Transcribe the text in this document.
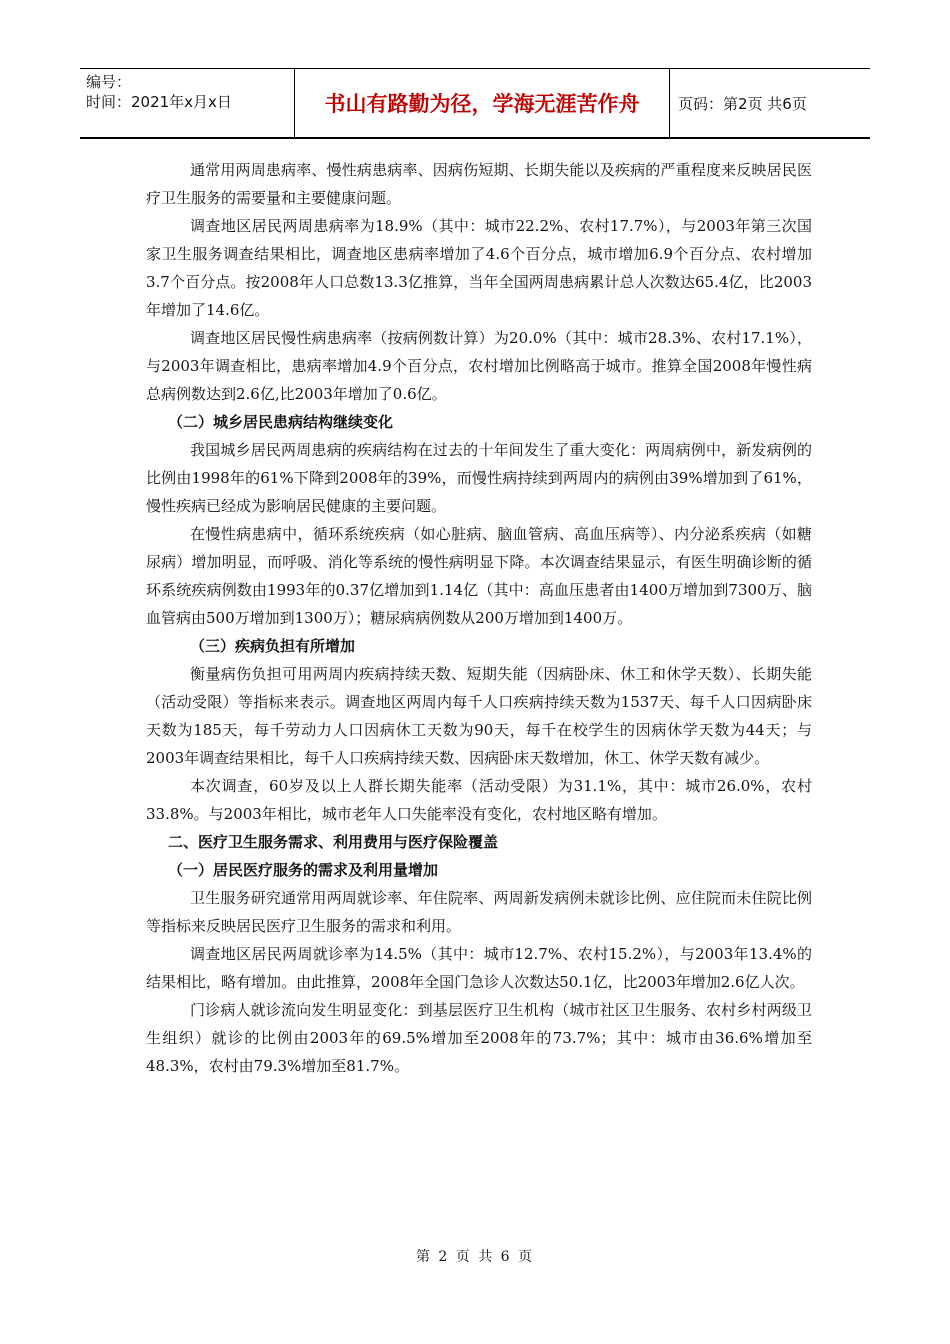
编号：
时间：2021年x月x日	书山有路勤为径，学海无涯苦作舟	页码：第2页 共6页

通常用两周患病率、慢性病患病率、因病伤短期、长期失能以及疾病的严重程度来反映居民医疗卫生服务的需要量和主要健康问题。

调查地区居民两周患病率为18.9%（其中：城市22.2%、农村17.7%），与2003年第三次国家卫生服务调查结果相比，调查地区患病率增加了4.6个百分点，城市增加6.9个百分点、农村增加3.7个百分点。按2008年人口总数13.3亿推算，当年全国两周患病累计总人次数达65.4亿，比2003年增加了14.6亿。

调查地区居民慢性病患病率（按病例数计算）为20.0%（其中：城市28.3%、农村17.1%），与2003年调查相比，患病率增加4.9个百分点，农村增加比例略高于城市。推算全国2008年慢性病总病例数达到2.6亿,比2003年增加了0.6亿。

（二）城乡居民患病结构继续变化

我国城乡居民两周患病的疾病结构在过去的十年间发生了重大变化：两周病例中，新发病例的比例由1998年的61%下降到2008年的39%，而慢性病持续到两周内的病例由39%增加到了61%，慢性疾病已经成为影响居民健康的主要问题。

在慢性病患病中，循环系统疾病（如心脏病、脑血管病、高血压病等）、内分泌系疾病（如糖尿病）增加明显，而呼吸、消化等系统的慢性病明显下降。本次调查结果显示，有医生明确诊断的循环系统疾病例数由1993年的0.37亿增加到1.14亿（其中：高血压患者由1400万增加到7300万、脑血管病由500万增加到1300万）；糖尿病病例数从200万增加到1400万。

（三）疾病负担有所增加

衡量病伤负担可用两周内疾病持续天数、短期失能（因病卧床、休工和休学天数）、长期失能（活动受限）等指标来表示。调查地区两周内每千人口疾病持续天数为1537天、每千人口因病卧床天数为185天，每千劳动力人口因病休工天数为90天，每千在校学生的因病休学天数为44天；与2003年调查结果相比，每千人口疾病持续天数、因病卧床天数增加，休工、休学天数有减少。

本次调查，60岁及以上人群长期失能率（活动受限）为31.1%，其中：城市26.0%，农村33.8%。与2003年相比，城市老年人口失能率没有变化，农村地区略有增加。

二、医疗卫生服务需求、利用费用与医疗保险覆盖

（一）居民医疗服务的需求及利用量增加

卫生服务研究通常用两周就诊率、年住院率、两周新发病例未就诊比例、应住院而未住院比例等指标来反映居民医疗卫生服务的需求和利用。

调查地区居民两周就诊率为14.5%（其中：城市12.7%、农村15.2%），与2003年13.4%的结果相比，略有增加。由此推算，2008年全国门急诊人次数达50.1亿，比2003年增加2.6亿人次。

门诊病人就诊流向发生明显变化：到基层医疗卫生机构（城市社区卫生服务、农村乡村两级卫生组织）就诊的比例由2003年的69.5%增加至2008年的73.7%；其中：城市由36.6%增加至48.3%，农村由79.3%增加至81.7%。

第 2 页 共 6 页
